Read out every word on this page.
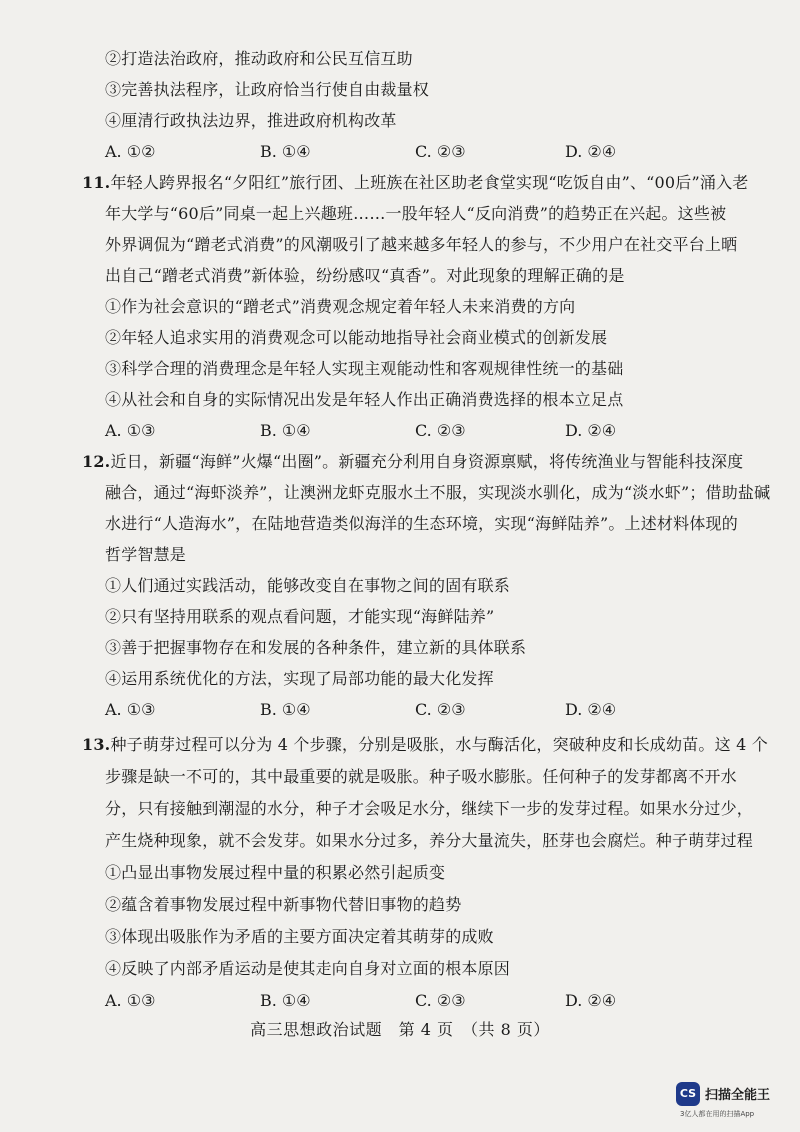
②打造法治政府，推动政府和公民互信互助
③完善执法程序，让政府恰当行使自由裁量权
④厘清行政执法边界，推进政府机构改革
A. ①②	B. ①④	C. ②③	D. ②④
11.年轻人跨界报名“夕阳红”旅行团、上班族在社区助老食堂实现“吃饭自由”、“00后”涌入老
年大学与“60后”同桌一起上兴趣班……一股年轻人“反向消费”的趋势正在兴起。这些被
外界调侃为“蹭老式消费”的风潮吸引了越来越多年轻人的参与，不少用户在社交平台上晒
出自己“蹭老式消费”新体验，纷纷感叹“真香”。对此现象的理解正确的是
①作为社会意识的“蹭老式”消费观念规定着年轻人未来消费的方向
②年轻人追求实用的消费观念可以能动地指导社会商业模式的创新发展
③科学合理的消费理念是年轻人实现主观能动性和客观规律性统一的基础
④从社会和自身的实际情况出发是年轻人作出正确消费选择的根本立足点
A. ①③	B. ①④	C. ②③	D. ②④
12.近日，新疆“海鲜”火爆“出圈”。新疆充分利用自身资源禀赋，将传统渔业与智能科技深度
融合，通过“海虾淡养”，让澳洲龙虾克服水土不服，实现淡水驯化，成为“淡水虾”；借助盐碱
水进行“人造海水”，在陆地营造类似海洋的生态环境，实现“海鲜陆养”。上述材料体现的
哲学智慧是
①人们通过实践活动，能够改变自在事物之间的固有联系
②只有坚持用联系的观点看问题，才能实现“海鲜陆养”
③善于把握事物存在和发展的各种条件，建立新的具体联系
④运用系统优化的方法，实现了局部功能的最大化发挥
A. ①③	B. ①④	C. ②③	D. ②④
13.种子萌芽过程可以分为 4 个步骤，分别是吸胀，水与酶活化，突破种皮和长成幼苗。这 4 个
步骤是缺一不可的，其中最重要的就是吸胀。种子吸水膨胀。任何种子的发芽都离不开水
分，只有接触到潮湿的水分，种子才会吸足水分，继续下一步的发芽过程。如果水分过少，
产生烧种现象，就不会发芽。如果水分过多，养分大量流失，胚芽也会腐烂。种子萌芽过程
①凸显出事物发展过程中量的积累必然引起质变
②蕴含着事物发展过程中新事物代替旧事物的趋势
③体现出吸胀作为矛盾的主要方面决定着其萌芽的成败
④反映了内部矛盾运动是使其走向自身对立面的根本原因
A. ①③	B. ①④	C. ②③	D. ②④
高三思想政治试题　第 4 页　（共 8 页）
CS 扫描全能王
3亿人都在用的扫描App
